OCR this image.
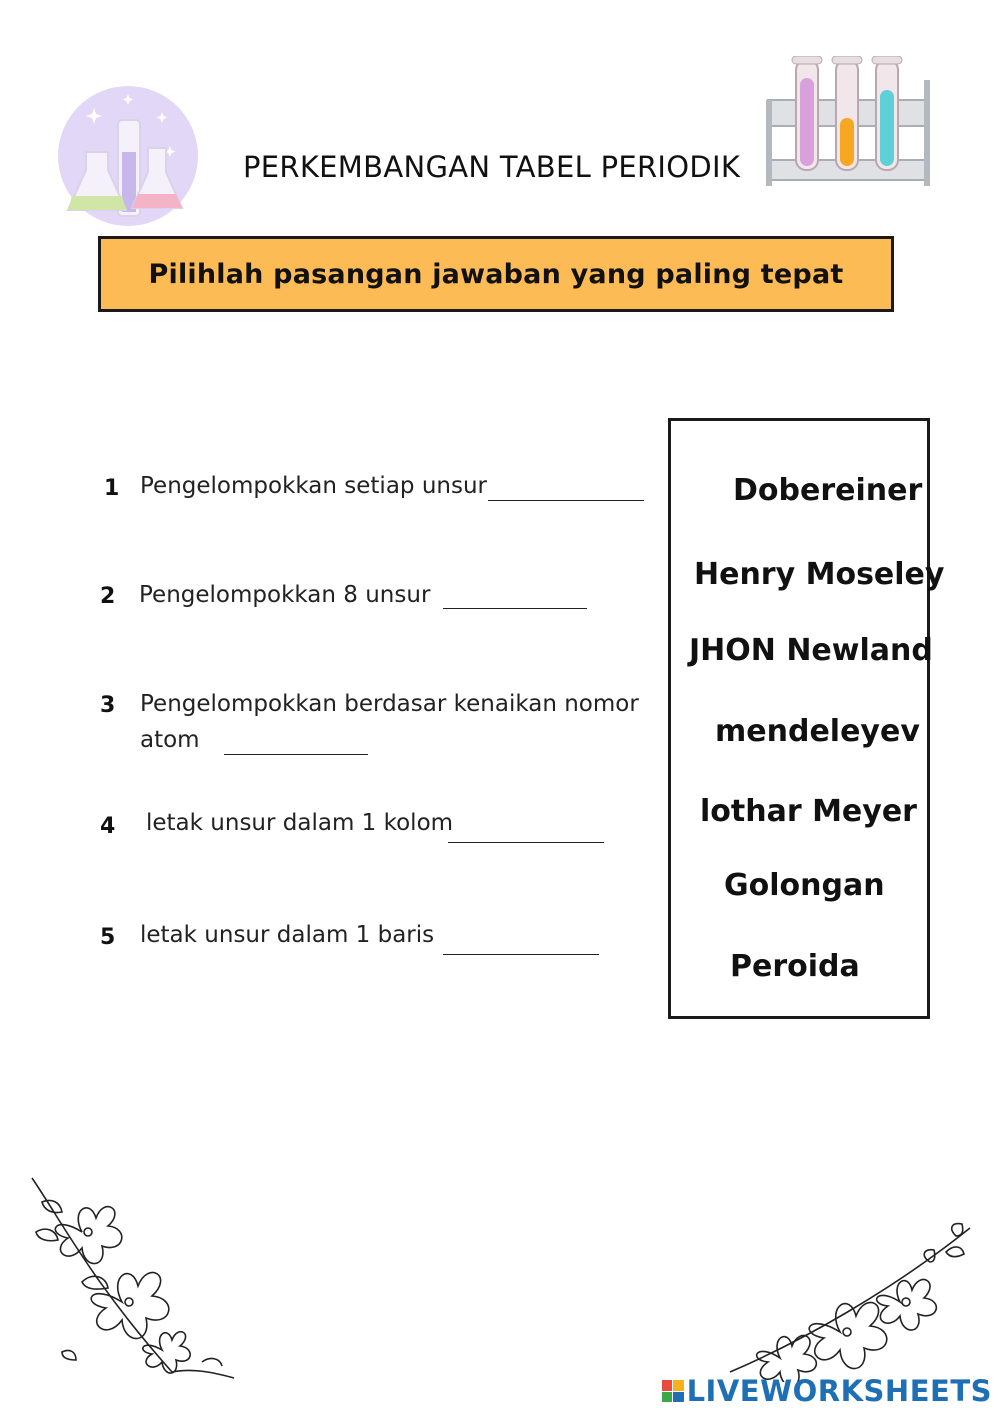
PERKEMBANGAN TABEL PERIODIK
Pilihlah pasangan jawaban yang paling tepat
1 Pengelompokkan setiap unsur
2 Pengelompokkan 8 unsur
3 Pengelompokkan berdasar kenaikan nomor
atom
4 letak unsur dalam 1 kolom
5 letak unsur dalam 1 baris
Dobereiner
Henry Moseley
JHON Newland
mendeleyev
lothar Meyer
Golongan
Peroida
LIVEWORKSHEETS
